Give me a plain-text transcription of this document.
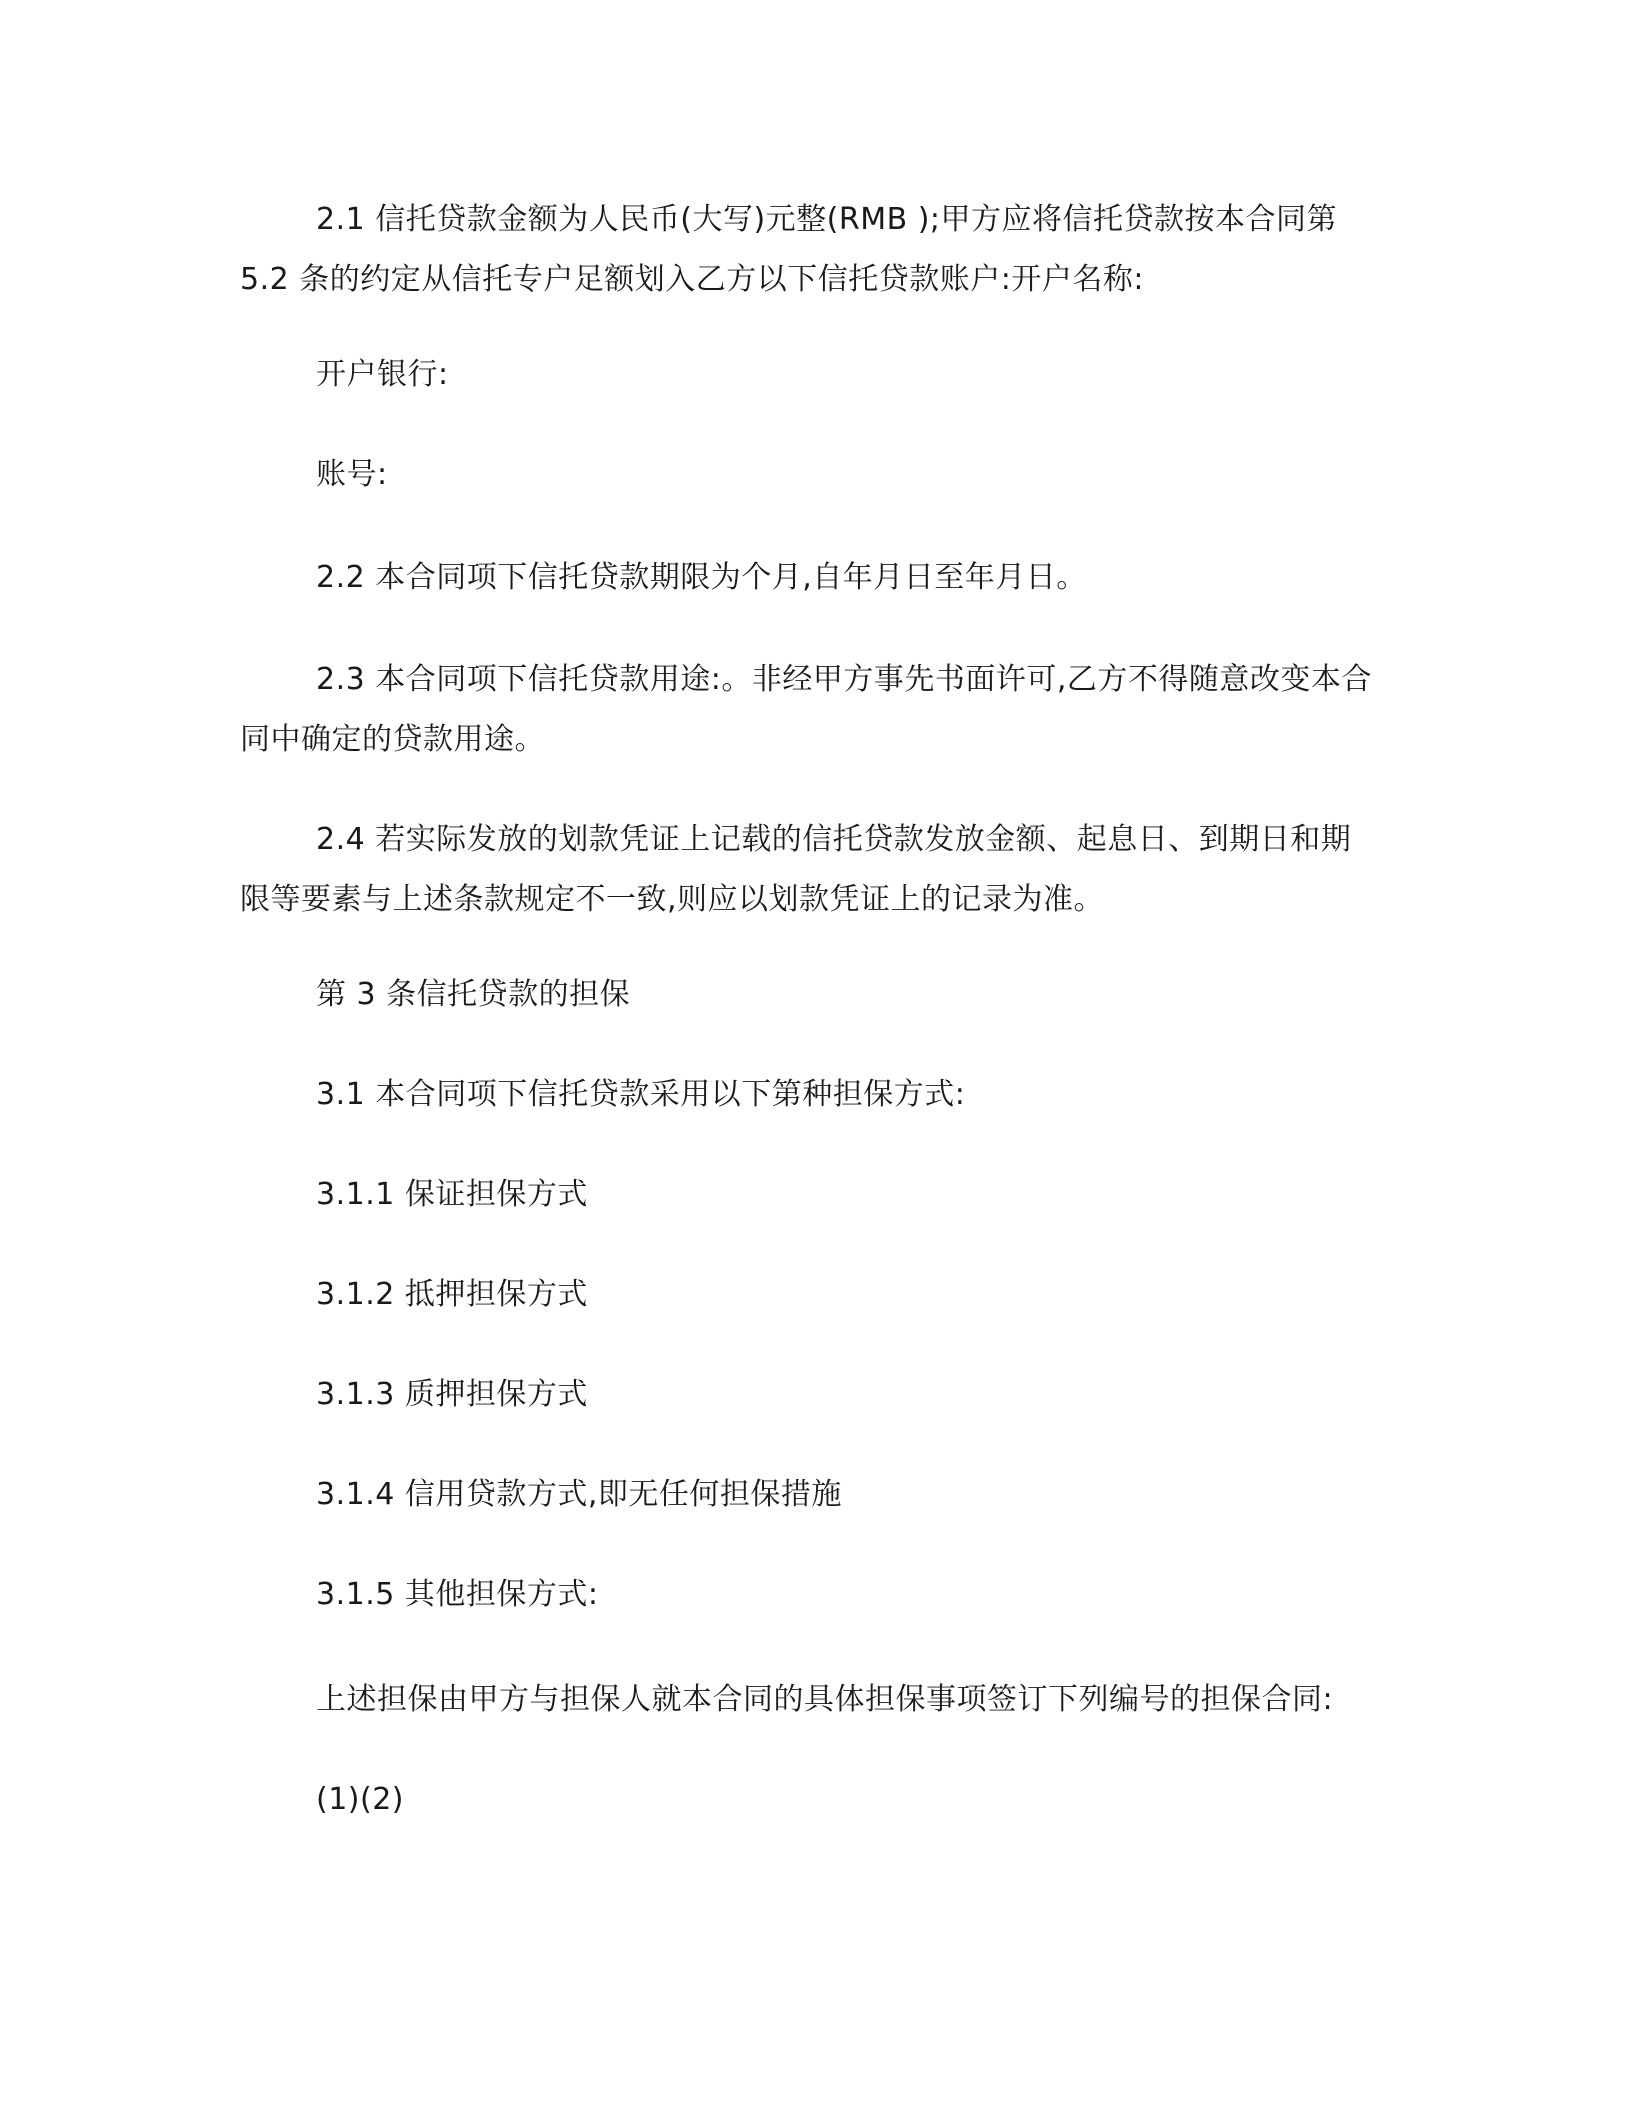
2.1 信托贷款金额为人民币(大写)元整(RMB );甲方应将信托贷款按本合同第5.2 条的约定从信托专户足额划入乙方以下信托贷款账户:开户名称:

开户银行:

账号:

2.2 本合同项下信托贷款期限为个月,自年月日至年月日。

2.3 本合同项下信托贷款用途:。非经甲方事先书面许可,乙方不得随意改变本合同中确定的贷款用途。

2.4 若实际发放的划款凭证上记载的信托贷款发放金额、起息日、到期日和期限等要素与上述条款规定不一致,则应以划款凭证上的记录为准。

第 3 条信托贷款的担保

3.1 本合同项下信托贷款采用以下第种担保方式:

3.1.1 保证担保方式

3.1.2 抵押担保方式

3.1.3 质押担保方式

3.1.4 信用贷款方式,即无任何担保措施

3.1.5 其他担保方式:

上述担保由甲方与担保人就本合同的具体担保事项签订下列编号的担保合同:

(1)(2)
